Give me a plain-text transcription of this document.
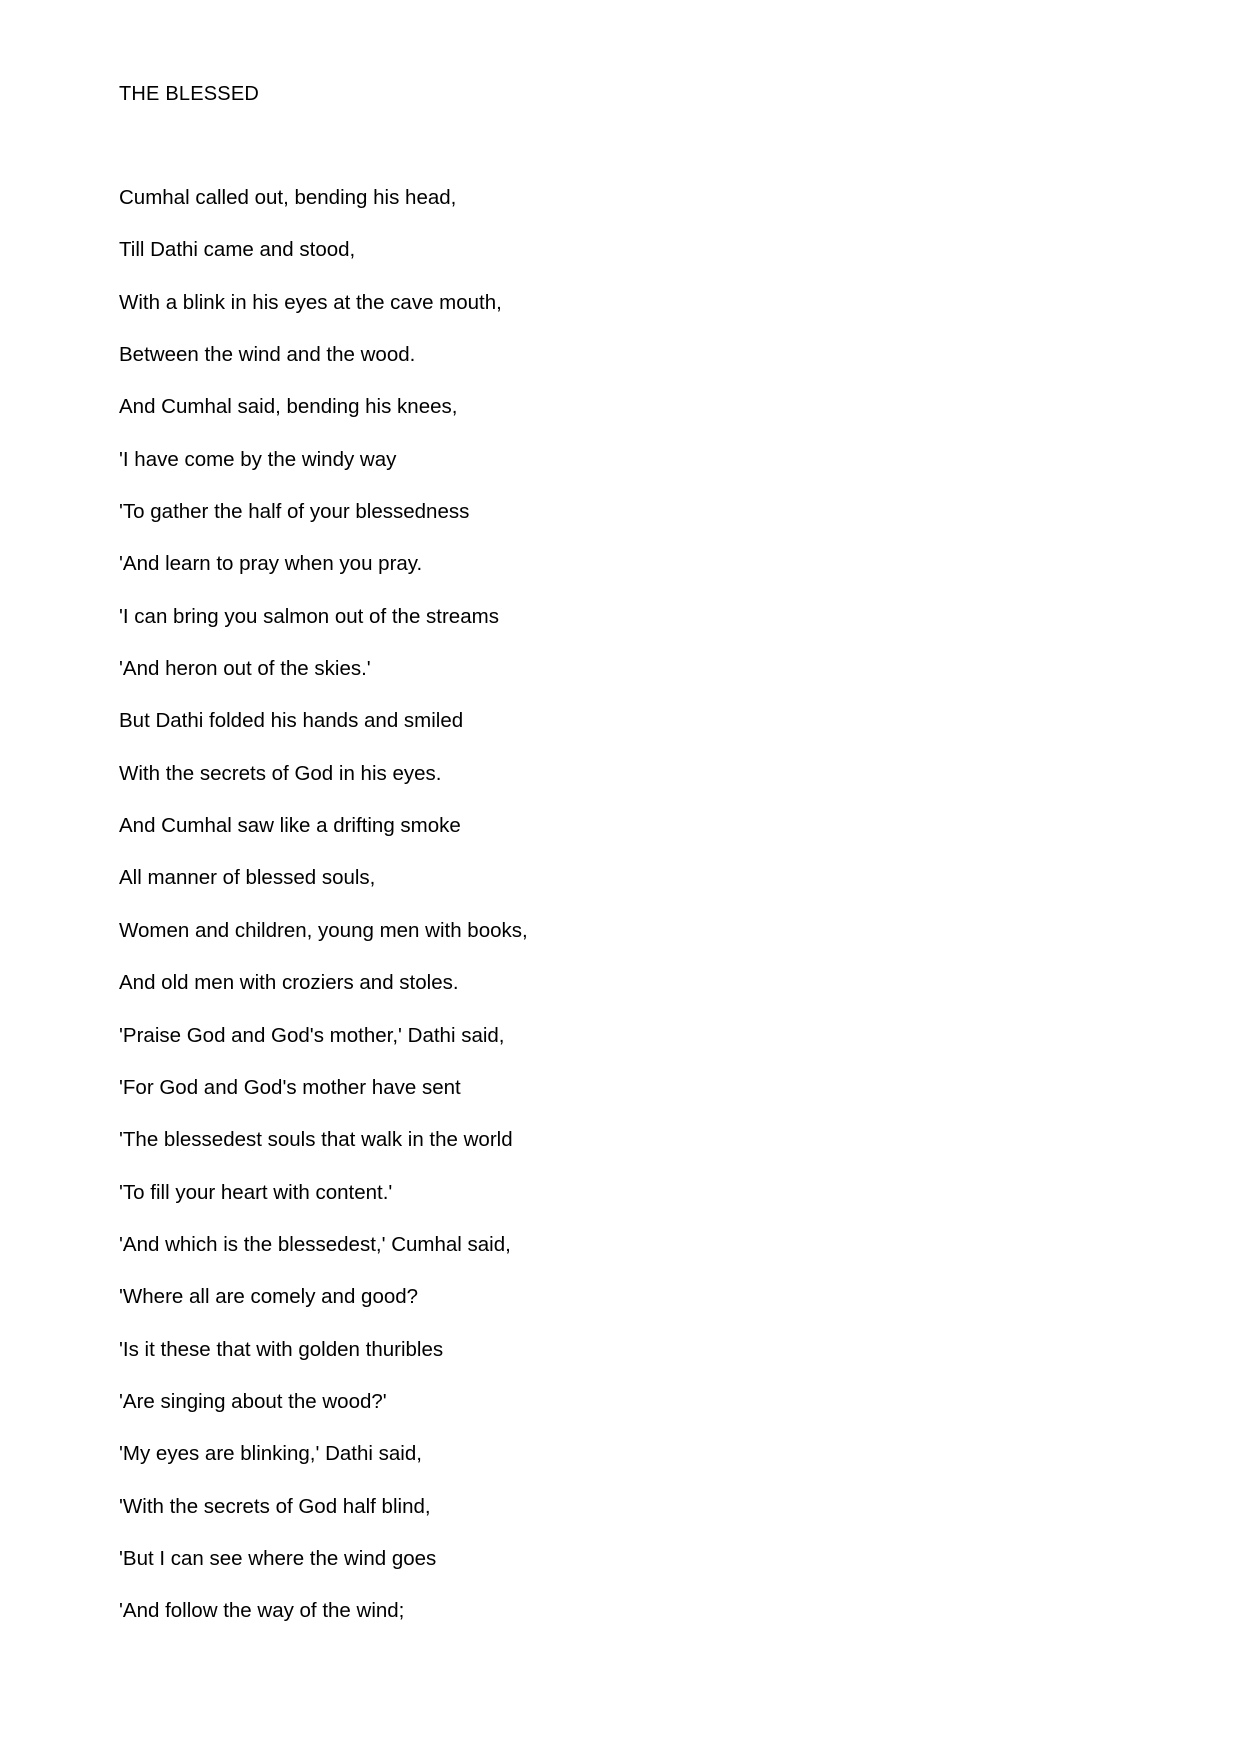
THE BLESSED
Cumhal called out, bending his head,
Till Dathi came and stood,
With a blink in his eyes at the cave mouth,
Between the wind and the wood.
And Cumhal said, bending his knees,
'I have come by the windy way
'To gather the half of your blessedness
'And learn to pray when you pray.
'I can bring you salmon out of the streams
'And heron out of the skies.'
But Dathi folded his hands and smiled
With the secrets of God in his eyes.
And Cumhal saw like a drifting smoke
All manner of blessed souls,
Women and children, young men with books,
And old men with croziers and stoles.
'Praise God and God's mother,' Dathi said,
'For God and God's mother have sent
'The blessedest souls that walk in the world
'To fill your heart with content.'
'And which is the blessedest,' Cumhal said,
'Where all are comely and good?
'Is it these that with golden thuribles
'Are singing about the wood?'
'My eyes are blinking,' Dathi said,
'With the secrets of God half blind,
'But I can see where the wind goes
'And follow the way of the wind;
